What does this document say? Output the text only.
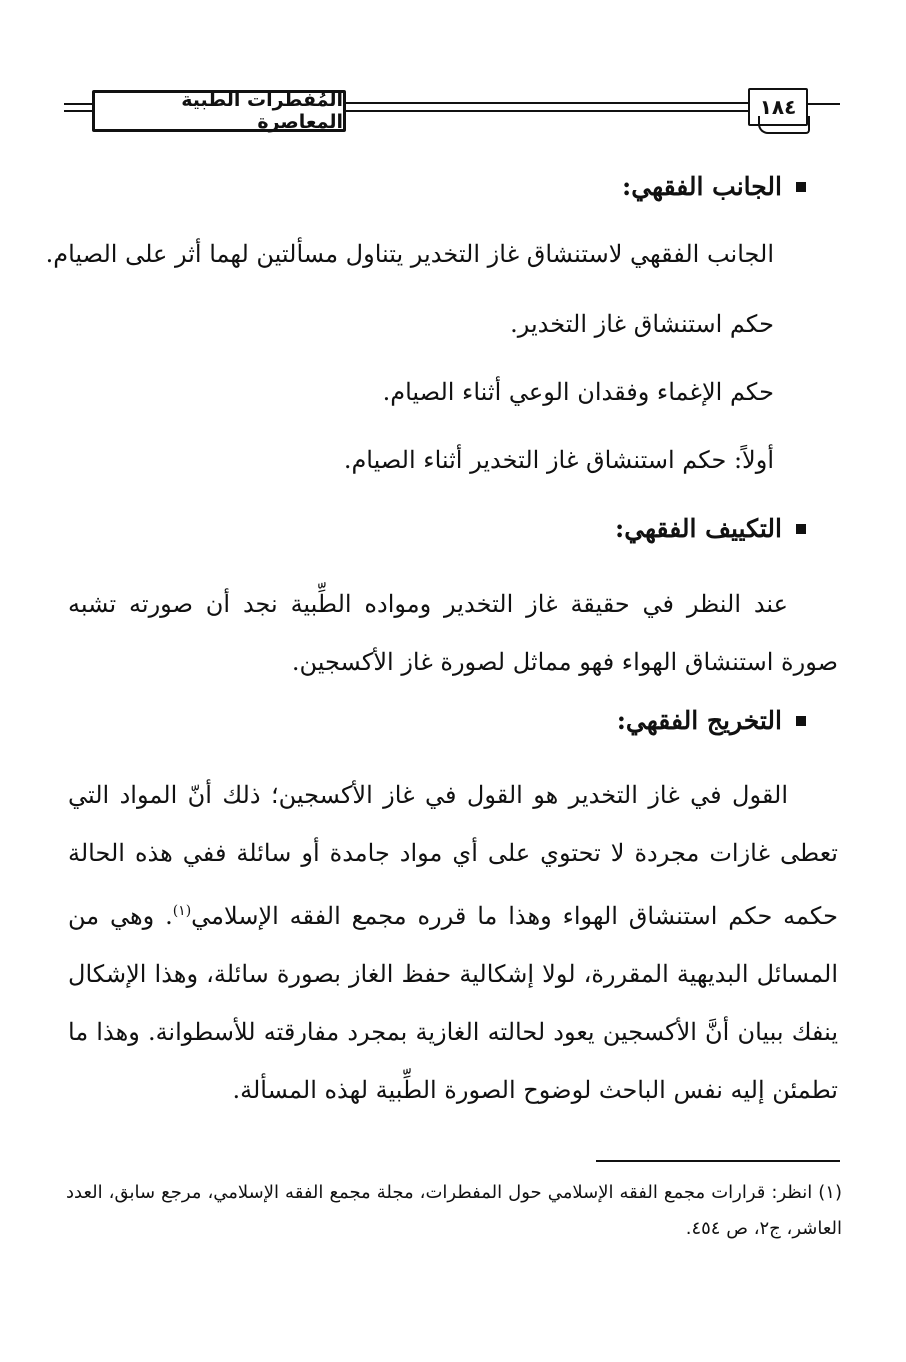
المُفطرات الطبية المعاصرة
١٨٤
الجانب الفقهي:
الجانب الفقهي لاستنشاق غاز التخدير يتناول مسألتين لهما أثر على الصيام.
حكم استنشاق غاز التخدير.
حكم الإغماء وفقدان الوعي أثناء الصيام.
أولاً: حكم استنشاق غاز التخدير أثناء الصيام.
التكييف الفقهي:
عند النظر في حقيقة غاز التخدير ومواده الطِّبية نجد أن صورته تشبه صورة استنشاق الهواء فهو مماثل لصورة غاز الأكسجين.
التخريج الفقهي:
القول في غاز التخدير هو القول في غاز الأكسجين؛ ذلك أنّ المواد التي تعطى غازات مجردة لا تحتوي على أي مواد جامدة أو سائلة ففي هذه الحالة حكمه حكم استنشاق الهواء وهذا ما قرره مجمع الفقه الإسلامي$^{(١)}$. وهي من المسائل البديهية المقررة، لولا إشكالية حفظ الغاز بصورة سائلة، وهذا الإشكال ينفك ببيان أنَّ الأكسجين يعود لحالته الغازية بمجرد مفارقته للأسطوانة. وهذا ما تطمئن إليه نفس الباحث لوضوح الصورة الطِّبية لهذه المسألة.
(١) انظر: قرارات مجمع الفقه الإسلامي حول المفطرات، مجلة مجمع الفقه الإسلامي، مرجع سابق، العدد العاشر، ج٢، ص ٤٥٤.
